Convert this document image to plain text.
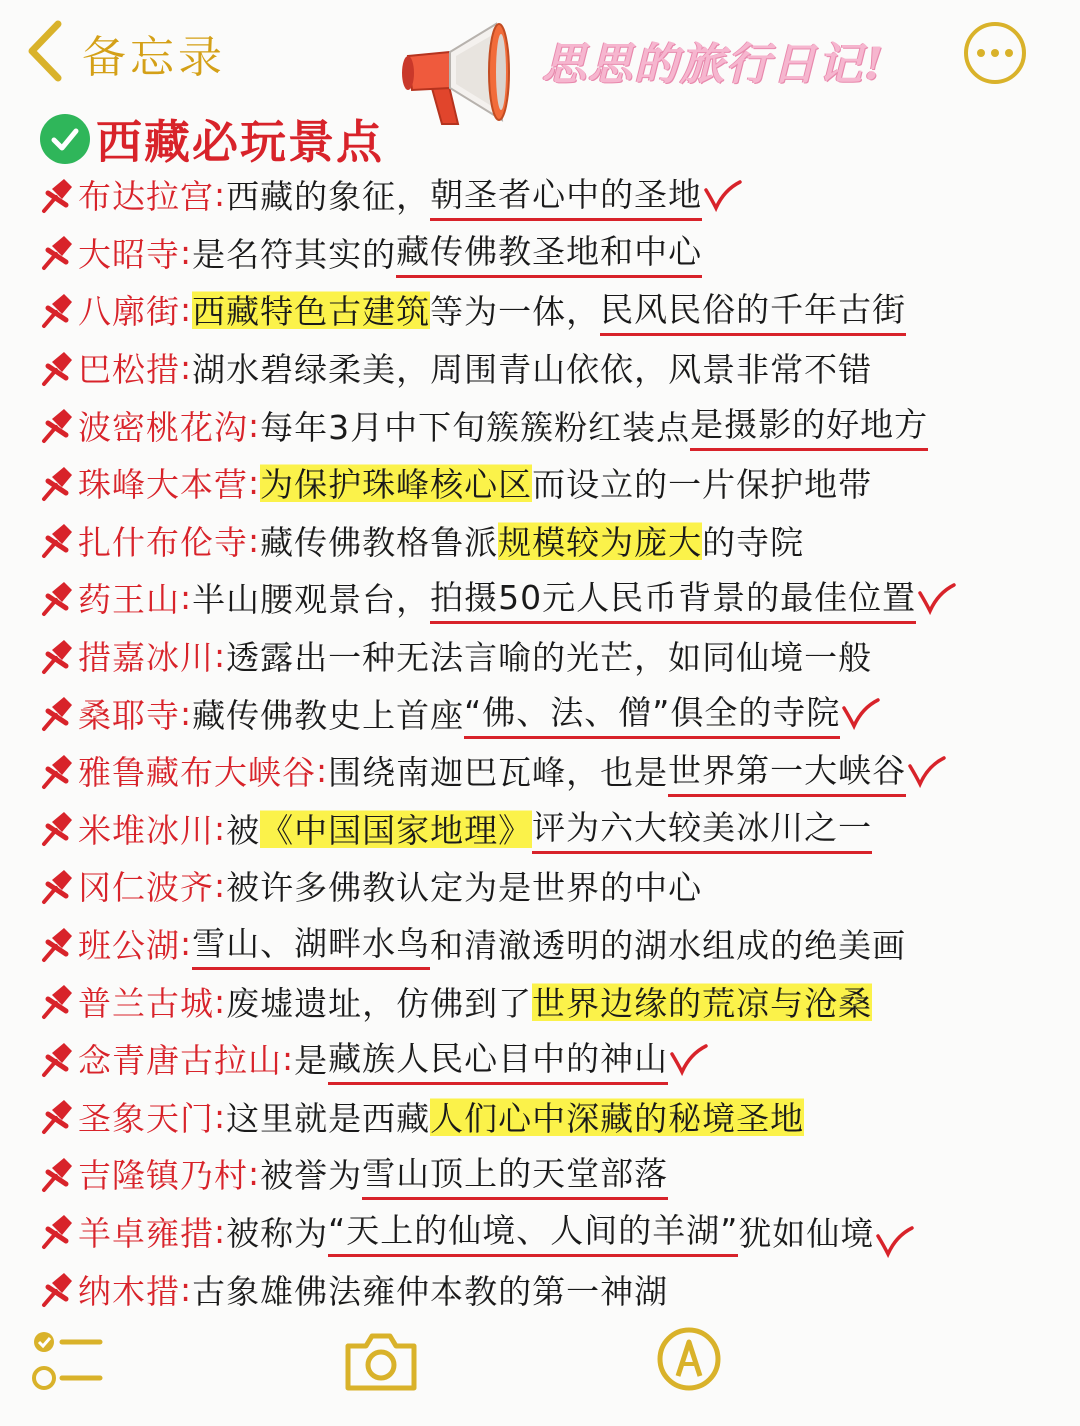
备忘录	思思的旅行日记!
西藏必玩景点
布达拉宫 : 西藏的象征， 朝圣者心中的圣地
大昭寺 : 是名符其实的 藏传佛教圣地和中心
八廓街 : 西藏特色古建筑 等为一体， 民风民俗的千年古街
巴松措 : 湖水碧绿柔美，周围青山依依，风景非常不错
波密桃花沟 : 每年3月中下旬簇簇粉红装点 是摄影的好地方
珠峰大本营 : 为保护珠峰核心区 而设立的一片保护地带
扎什布伦寺 : 藏传佛教格鲁派 规模较为庞大 的寺院
药王山 : 半山腰观景台， 拍摄50元人民币背景的最佳位置
措嘉冰川 : 透露出一种无法言喻的光芒，如同仙境一般
桑耶寺 : 藏传佛教史上首座 “佛、法、僧”俱全的寺院
雅鲁藏布大峡谷 : 围绕南迦巴瓦峰，也是 世界第一大峡谷
米堆冰川 : 被 《中国国家地理》 评为六大较美冰川之一
冈仁波齐 : 被许多佛教认定为是世界的中心
班公湖 : 雪山、湖畔水鸟 和清澈透明的湖水组成的绝美画
普兰古城 : 废墟遗址，仿佛到了 世界边缘的荒凉与沧桑
念青唐古拉山 : 是 藏族人民心目中的神山
圣象天门 : 这里就是西藏 人们心中深藏的秘境圣地
吉隆镇乃村 : 被誉为 雪山顶上的天堂部落
羊卓雍措 : 被称为 “天上的仙境、人间的羊湖” 犹如仙境
纳木措 : 古象雄佛法雍仲本教的第一神湖
